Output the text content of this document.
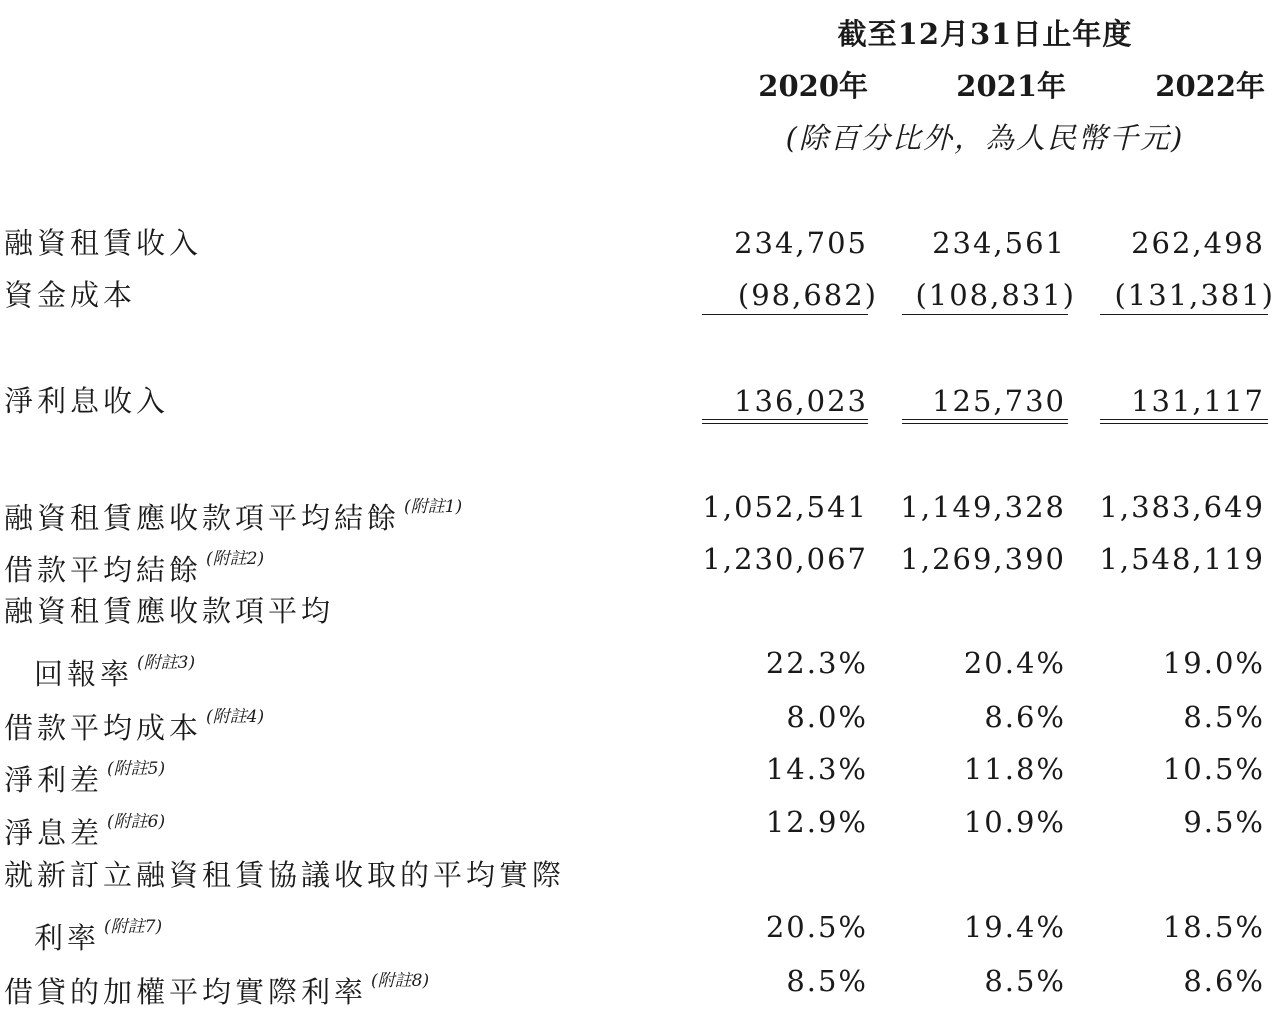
截至12月31日止年度
2020年	2021年	2022年
(除百分比外，為人民幣千元)
融資租賃收入	234,705	234,561	262,498
資金成本	(98,682)	(108,831)	(131,381)
淨利息收入	136,023	125,730	131,117
融資租賃應收款項平均結餘 $^{(附註1)}$	1,052,541	1,149,328	1,383,649
借款平均結餘 $^{(附註2)}$	1,230,067	1,269,390	1,548,119
融資租賃應收款項平均
回報率 $^{(附註3)}$	22.3%	20.4%	19.0%
借款平均成本 $^{(附註4)}$	8.0%	8.6%	8.5%
淨利差 $^{(附註5)}$	14.3%	11.8%	10.5%
淨息差 $^{(附註6)}$	12.9%	10.9%	9.5%
就新訂立融資租賃協議收取的平均實際
利率 $^{(附註7)}$	20.5%	19.4%	18.5%
借貸的加權平均實際利率 $^{(附註8)}$	8.5%	8.5%	8.6%
